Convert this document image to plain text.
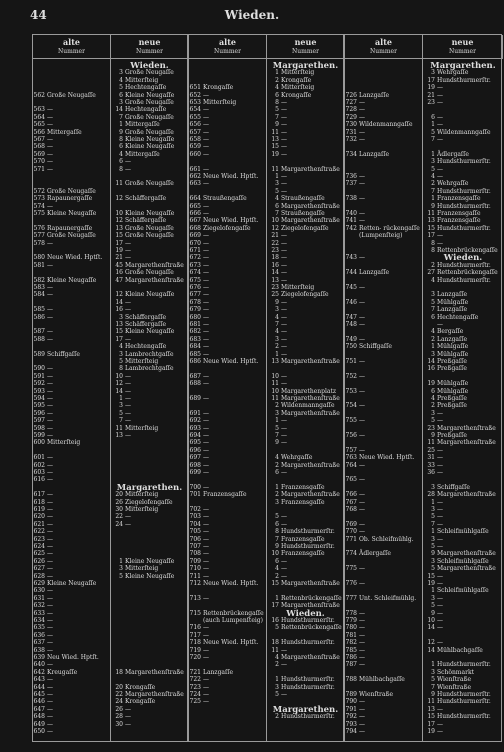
44	Wieden.
alte
Nummer
neue
Nummer
alte
Nummer
neue
Nummer
alte
Nummer
neue
Nummer
562 Große Neugaſſe
563 —
564 —
565 —
566 Mittergaſſe
567 —
568 —
569 —
570 —
571 —
572 Große Neugaſſe
573 Rapaunergaſſe
574 —
575 Kleine Neugaſſe
576 Rapaunergaſſe
577 Große Neugaſſe
578 —
580 Neue Wied. Hptſt.
581 —
582 Kleine Neugaſſe
583 —
584 —
585 —
586 —
587 —
588 —
589 Schiffgaſſe
590 —
591 —
592 —
593 —
594 —
595 —
596 —
597 —
598 —
599 —
600 Mitterſteig
601 —
602 —
603 —
616 —
617 —
618 —
619 —
620 —
621 —
622 —
623 —
624 —
625 —
626 —
627 —
628 —
629 Kleine Neugaſſe
630 —
631 —
632 —
633 —
634 —
635 —
636 —
637 —
638 —
639 Neu Wied. Hptſt.
640 —
642 Kreugaſſe
643 —
644 —
645 —
646 —
647 —
648 —
649 —
650 —
Wieden.
3 Große Neugaſſe
4 Mitterſteig
5 Hechtengaſſe
6 Kleine Neugaſſe
3 Große Neugaſſe
14 Hechtengaſſe
7 Große Neugaſſe
1 Mittergaſſe
9 Große Neugaſſe
8 Kleine Neugaſſe
6 Kleine Neugaſſe
4 Mittergaſſe
6 —
8 —
11 Große Neugaſſe
12 Schäffergaſſe
10 Kleine Neugaſſe
12 Schäffergaſſe
13 Große Neugaſſe
15 Große Neugaſſe
17 —
19 —
21 —
45 Margarethenſtraße
16 Große Neugaſſe
47 Margarethenſtraße
12 Kleine Neugaſſe
14 —
16 —
3 Schäffergaſſe
13 Schäffergaſſe
15 Kleine Neugaſſe
17 —
4 Hechtengaſſe
3 Lambrechtgaſſe
5 Mitterſteig
8 Lambrechtgaſſe
10 —
12 —
14 —
1 —
3 —
5 —
7 —
11 Mitterſteig
13 —
Margarethen.
20 Mitterſteig
26 Ziegelofengaſſe
30 Mitterſteig
22 —
24 —
1 Kleine Neugaſſe
3 Mitterſteig
5 Kleine Neugaſſe
18 Margarethenſtraße
20 Krongaſſe
22 Margarethenſtraße
24 Krongaſſe
26 —
28 —
30 —
651 Krongaſſe
652 —
653 Mitterſteig
654 —
655 —
656 —
657 —
658 —
659 —
660 —
661 —
662 Neue Wied. Hptſt.
663 —
664 Straußengaſſe
665 —
666 —
667 Neue Wied. Hptſt.
668 Ziegelofengaſſe
669 —
670 —
671 —
672 —
673 —
674 —
675 —
676 —
677 —
678 —
679 —
680 —
681 —
682 —
683 —
684 —
685 —
686 Neue Wied. Hptſt.
687 —
688 —
689 —
691 —
692 —
693 —
694 —
695 —
696 —
697 —
698 —
699 —
700 —
701 Franzensgaſſe
702 —
703 —
704 —
705 —
706 —
707 —
708 —
709 —
710 —
711 —
712 Neue Wied. Hptſt.
713 —
715 Rettenbrückengaſſe
(auch Lumpenſteig)
716 —
717 —
718 Neue Wied. Hptſt.
719 —
720 —
721 Lanzgaſſe
722 —
723 —
724 —
725 —
Margarethen.
1 Mitterſteig
2 Krongaſſe
4 Mitterſteig
6 Krongaſſe
8 —
5 —
7 —
9 —
11 —
13 —
15 —
19 —
11 Margarethenſtraße
1 —
3 —
5 —
4 Straußengaſſe
6 Margarethenſtraße
7 Straußengaſſe
10 Margarethenſtraße
12 Ziegelofengaſſe
21 —
22 —
23 —
18 —
16 —
14 —
13 —
23 Mitterſteig
25 Ziegelofengaſſe
9 —
3 —
4 —
7 —
4 —
3 —
2 —
1 —
13 Margarethenſtraße
10 —
11 —
10 Margarethenplatz
11 Margarethenſtraße
2 Wildenmanngaſſe
3 Margarethenſtraße
1 —
5 —
7 —
9 —
4 Wehrgaſſe
2 Margarethenſtraße
6 —
1 Franzensgaſſe
2 Margarethenſtraße
3 Franzensgaſſe
5 —
6 —
8 Hundsthurmerſtr.
7 Franzensgaſſe
9 Hundsthurmerſtr.
10 Franzensgaſſe
6 —
4 —
2 —
15 Margarethenſtraße
1 Rettenbrückengaſſe
17 Margarethenſtraße
Wieden.
16 Hundsthurmerſtr.
5 Rettenbrückengaſſe
18 Hundsthurmerſtr.
11 —
4 Margarethenſtraße
2 —
1 Hundsthurmerſtr.
3 Hundsthurmerſtr.
5 —
Margarethen.
2 Hundsthurmerſtr.
726 Lanzgaſſe
727 —
728 —
729 —
730 Wildenmanngaſſe
731 —
732 —
734 Lanzgaſſe
736 —
737 —
738 —
740 —
741 —
742 Retten- rückengaſſe
(Lumpenſteig)
743 —
744 Lanzgaſſe
745 —
746 —
747 —
748 —
749 —
750 Schiffgaſſe
751 —
752 —
753 —
754 —
755 —
756 —
757 —
763 Neue Wied. Hptſt.
764 —
765 —
766 —
767 —
768 —
769 —
770 —
771 Ob. Schleifmühlg.
774 Ädlergaſſe
775 —
776 —
777 Unt. Schleifmühlg.
778 —
779 —
780 —
781 —
782 —
785 —
786 —
787 —
788 Mühlbachgaſſe
789 Wienſtraße
790 —
791 —
792 —
793 —
794 —
Margarethen.
3 Wehrgaſſe
17 Hundsthurmerſtr.
19 —
21 —
23 —
6 —
1 —
5 Wildenmanngaſſe
7 —
1 Ädlergaſſe
3 Hundsthurmerſtr.
5 —
4 —
2 Wehrgaſſe
7 Hundsthurmerſtr.
1 Franzensgaſſe
9 Hundsthurmerſtr.
11 Franzensgaſſe
13 Franzensgaſſe
15 Hundsthurmerſtr.
17 —
8 —
8 Rettenbrückengaſſe
Wieden.
2 Hundsthurmerſtr.
27 Rettenbrückengaſſe
4 Hundsthurmerſtr.
3 Lanzgaſſe
5 Mühlgaſſe
7 Lanzgaſſe
6 Hechtengaſſe
—
4 Bergaſſe
2 Lanzgaſſe
1 Mühlgaſſe
3 Mühlgaſſe
14 Preßgaſſe
16 Preßgaſſe
19 Mühlgaſſe
6 Mühlgaſſe
4 Preßgaſſe
2 Preßgaſſe
3 —
5 —
23 Margarethenſtraße
9 Preßgaſſe
11 Margarethenſtraße
25 —
31 —
33 —
36 —
3 Schiffgaſſe
28 Margarethenſtraße
1 —
3 —
5 —
7 —
1 Schleifmühlgaſſe
3 —
5 —
9 Margarethenſtraße
3 Schleifmühlgaſſe
5 Margarethenſtraße
15 —
19 —
1 Schleifmühlgaſſe
3 —
5 —
9 —
10 —
14 —
12 —
14 Mühlbachgaſſe
1 Hundsthurmerſtr.
3 Schönmarkt
5 Wienſtraße
7 Wienſtraße
9 Hundsthurmerſtr.
11 Hundsthurmerſtr.
13 —
15 Hundsthurmerſtr.
17 —
19 —
